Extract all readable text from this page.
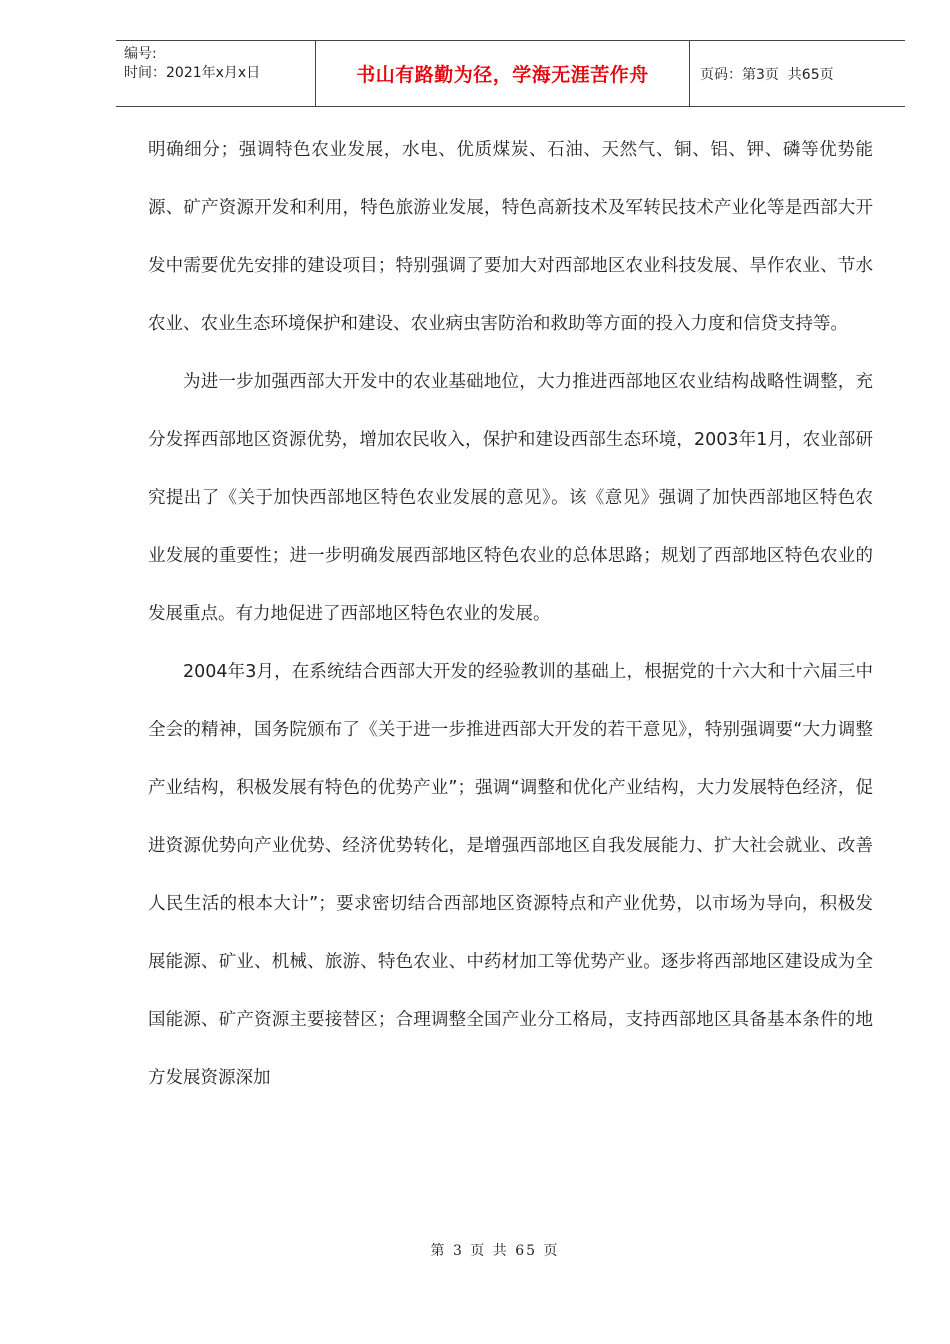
编号:
时间：2021年x月x日	书山有路勤为径，学海无涯苦作舟	页码：第3页  共65页

明确细分；强调特色农业发展，水电、优质煤炭、石油、天然气、铜、铝、钾、磷等优势能源、矿产资源开发和利用，特色旅游业发展，特色高新技术及军转民技术产业化等是西部大开发中需要优先安排的建设项目；特别强调了要加大对西部地区农业科技发展、旱作农业、节水农业、农业生态环境保护和建设、农业病虫害防治和救助等方面的投入力度和信贷支持等。

为进一步加强西部大开发中的农业基础地位，大力推进西部地区农业结构战略性调整，充分发挥西部地区资源优势，增加农民收入，保护和建设西部生态环境，2003年1月，农业部研究提出了《关于加快西部地区特色农业发展的意见》。该《意见》强调了加快西部地区特色农业发展的重要性；进一步明确发展西部地区特色农业的总体思路；规划了西部地区特色农业的发展重点。有力地促进了西部地区特色农业的发展。

2004年3月，在系统结合西部大开发的经验教训的基础上，根据党的十六大和十六届三中全会的精神，国务院颁布了《关于进一步推进西部大开发的若干意见》，特别强调要“大力调整产业结构，积极发展有特色的优势产业”；强调“调整和优化产业结构，大力发展特色经济，促进资源优势向产业优势、经济优势转化，是增强西部地区自我发展能力、扩大社会就业、改善人民生活的根本大计”；要求密切结合西部地区资源特点和产业优势，以市场为导向，积极发展能源、矿业、机械、旅游、特色农业、中药材加工等优势产业。逐步将西部地区建设成为全国能源、矿产资源主要接替区；合理调整全国产业分工格局，支持西部地区具备基本条件的地方发展资源深加

第 3 页 共 65 页
